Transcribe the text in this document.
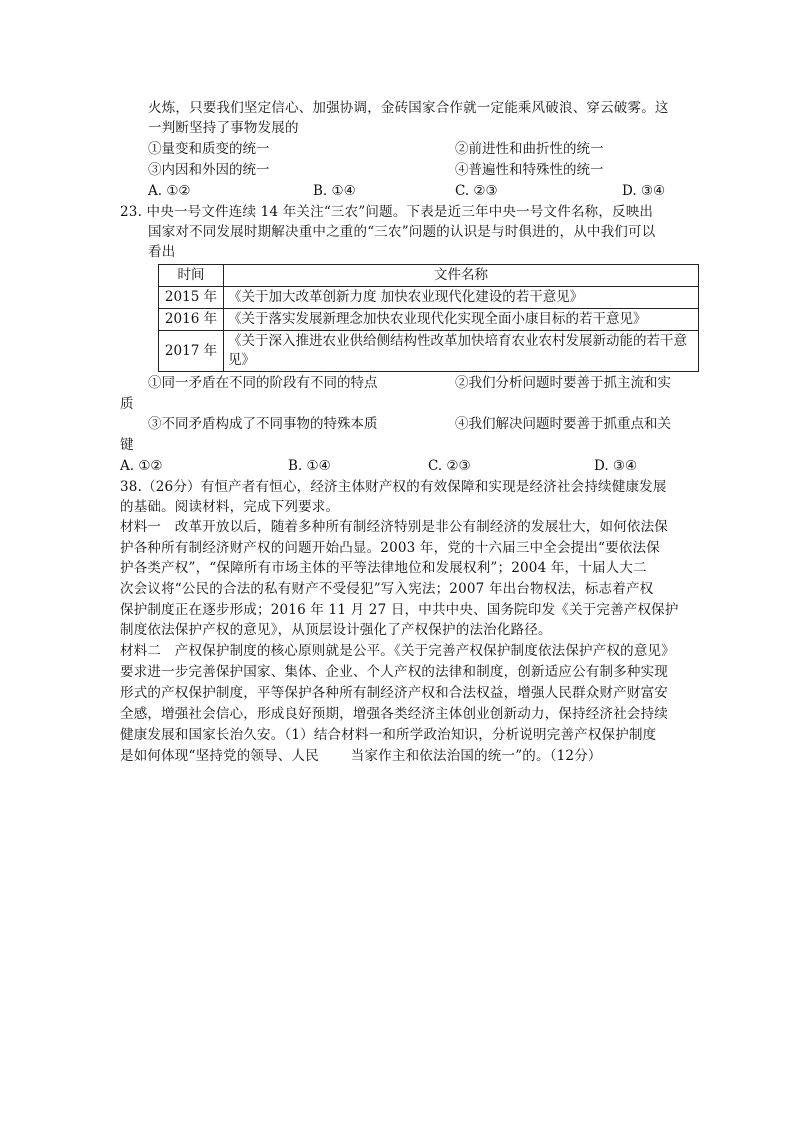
火炼，只要我们坚定信心、加强协调，金砖国家合作就一定能乘风破浪、穿云破雾。这
一判断坚持了事物发展的
①量变和质变的统一	②前进性和曲折性的统一
③内因和外因的统一	④普遍性和特殊性的统一
A. ①②	B. ①④	C. ②③	D. ③④
23. 中央一号文件连续 14 年关注“三农”问题。下表是近三年中央一号文件名称，反映出
国家对不同发展时期解决重中之重的“三农”问题的认识是与时俱进的，从中我们可以
看出
时间	文件名称
2015 年	《关于加大改革创新力度 加快农业现代化建设的若干意见》
2016 年	《关于落实发展新理念加快农业现代化实现全面小康目标的若干意见》
2017 年	《关于深入推进农业供给侧结构性改革加快培育农业农村发展新动能的若干意见》
①同一矛盾在不同的阶段有不同的特点	②我们分析问题时要善于抓主流和实
质
③不同矛盾构成了不同事物的特殊本质	④我们解决问题时要善于抓重点和关
键
A. ①②	B. ①④	C. ②③	D. ③④
38.（26分）有恒产者有恒心，经济主体财产权的有效保障和实现是经济社会持续健康发展
的基础。阅读材料，完成下列要求。
材料一　改革开放以后，随着多种所有制经济特别是非公有制经济的发展壮大，如何依法保
护各种所有制经济财产权的问题开始凸显。2003 年，党的十六届三中全会提出“要依法保
护各类产权”，“保障所有市场主体的平等法律地位和发展权利”；2004 年，十届人大二
次会议将“公民的合法的私有财产不受侵犯”写入宪法；2007 年出台物权法，标志着产权
保护制度正在逐步形成；2016 年 11 月 27 日，中共中央、国务院印发《关于完善产权保护
制度依法保护产权的意见》，从顶层设计强化了产权保护的法治化路径。
材料二　产权保护制度的核心原则就是公平。《关于完善产权保护制度依法保护产权的意见》
要求进一步完善保护国家、集体、企业、个人产权的法律和制度，创新适应公有制多种实现
形式的产权保护制度，平等保护各种所有制经济产权和合法权益，增强人民群众财产财富安
全感，增强社会信心，形成良好预期，增强各类经济主体创业创新动力，保持经济社会持续
健康发展和国家长治久安。（1）结合材料一和所学政治知识，分析说明完善产权保护制度
是如何体现“坚持党的领导、人民　　 当家作主和依法治国的统一”的。（12分）
